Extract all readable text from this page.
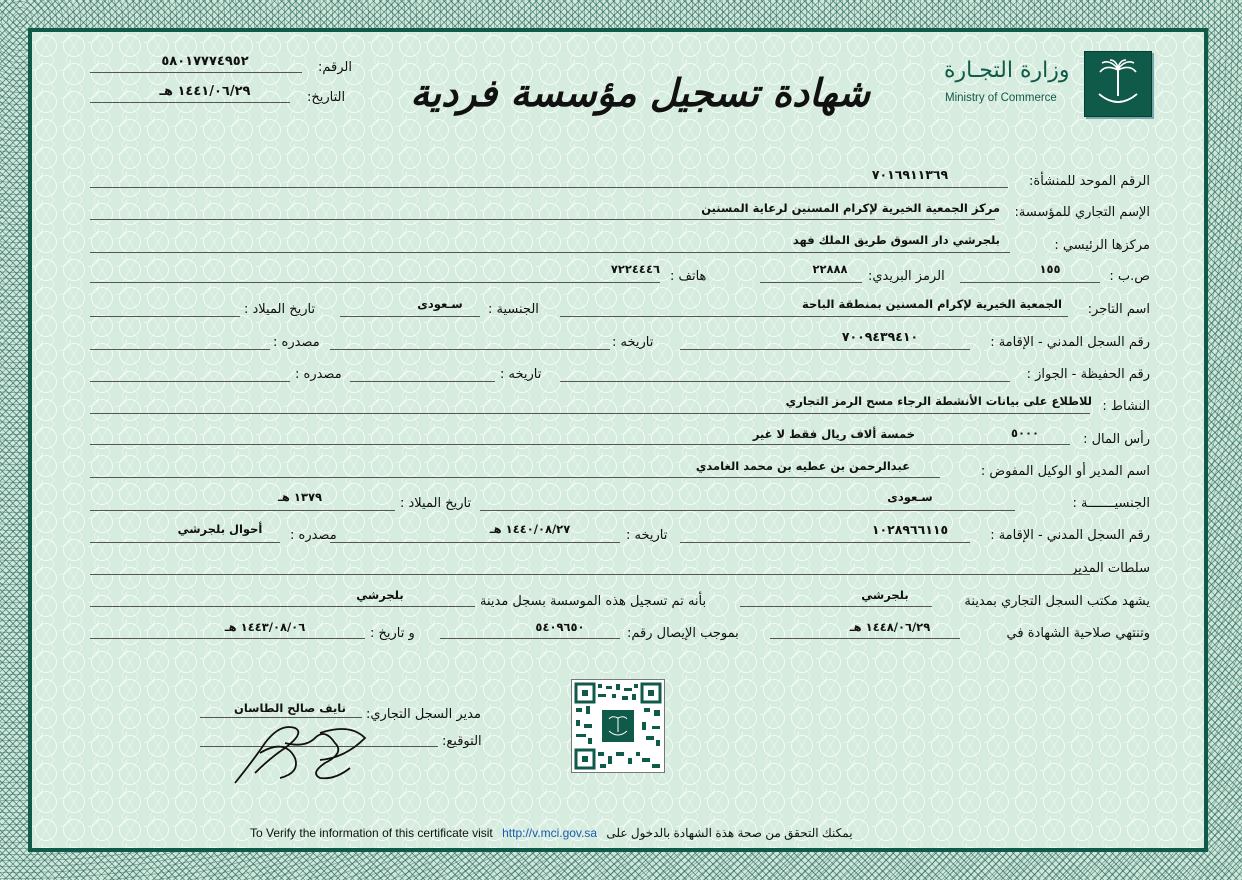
الرقم:
٥٨٠١٧٧٧٤٩٥٢
التاريخ:
١٤٤١/٠٦/٢٩ هـ	شهادة تسجيل مؤسسة فردية	وزارة التجـارة
Ministry of Commerce
الرقم الموحد للمنشأة:
٧٠١٦٩١١٣٦٩
الإسم التجاري للمؤسسة:
مركز الجمعية الخيرية لإكرام المسنين لرعاية المسنين
مركزها الرئيسي :
بلجرشي دار السوق طريق الملك فهد
ص.ب :
١٥٥
الرمز البريدي:
٢٢٨٨٨
هاتف :
٧٢٢٤٤٤٦
اسم التاجر:
الجمعية الخيرية لإكرام المسنين بمنطقة الباحة
الجنسية :
سـعودى
تاريخ الميلاد :
رقم السجل المدني - الإقامة :
٧٠٠٩٤٣٩٤١٠
تاريخه :
مصدره :
رقم الحفيظة - الجواز :
تاريخه :
مصدره :
النشاط :
للاطلاع على بيانات الأنشطة الرجاء مسح الرمز التجاري
رأس المال :
٥٠٠٠
خمسة ألاف ريال فقط لا غير
اسم المدير أو الوكيل المفوض :
عبدالرحمن بن عطيه بن محمد الغامدي
الجنسيـــــــة :
سـعودى
تاريخ الميلاد :
١٣٧٩ هـ
رقم السجل المدني - الإقامة :
١٠٢٨٩٦٦١١٥
تاريخه :
١٤٤٠/٠٨/٢٧ هـ
مصدره :
أحوال بلجرشي
سلطات المدير
يشهد مكتب السجل التجاري بمدينة
بلجرشي
بأنه تم تسجيل هذه الموسسة بسجل مدينة
بلجرشي
وتنتهي صلاحية الشهادة في
١٤٤٨/٠٦/٢٩ هـ
بموجب الإيصال رقم:
٥٤٠٩٦٥٠
و تاريخ :
١٤٤٣/٠٨/٠٦ هـ
مدير السجل التجاري:
نايف صالح الطاسان
التوقيع:
To Verify the information of this certificate visit http://v.mci.gov.sa يمكنك التحقق من صحة هذة الشهادة بالدخول على
